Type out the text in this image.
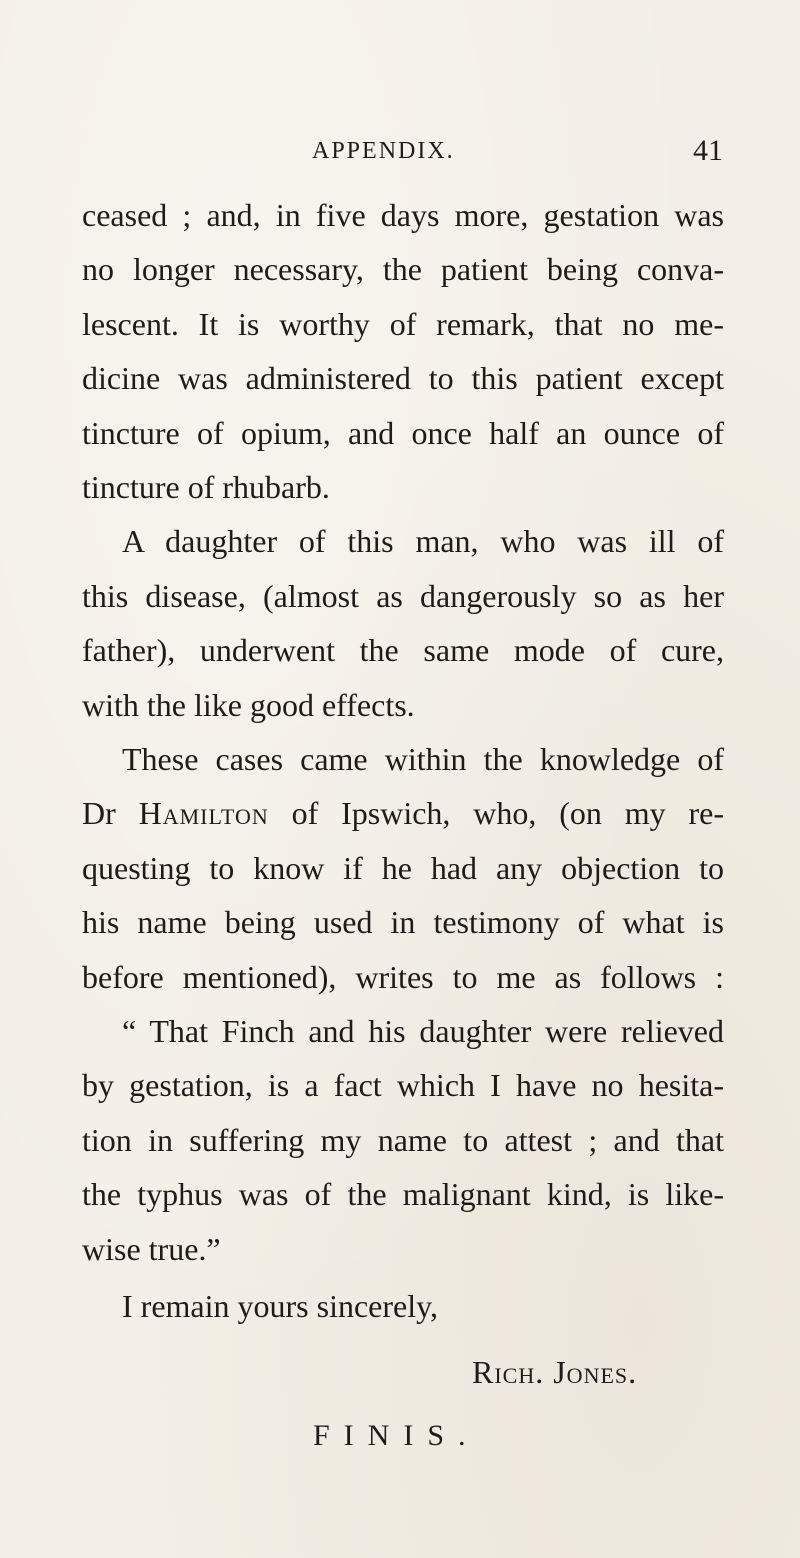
APPENDIX.	41
ceased ; and, in five days more, gestation was
no longer necessary, the patient being conva-
lescent. It is worthy of remark, that no me-
dicine was administered to this patient except
tincture of opium, and once half an ounce of
tincture of rhubarb.
A daughter of this man, who was ill of
this disease, (almost as dangerously so as her
father), underwent the same mode of cure,
with the like good effects.
These cases came within the knowledge of
Dr Hamilton of Ipswich, who, (on my re-
questing to know if he had any objection to
his name being used in testimony of what is
before mentioned), writes to me as follows :
“ That Finch and his daughter were relieved
by gestation, is a fact which I have no hesita-
tion in suffering my name to attest ; and that
the typhus was of the malignant kind, is like-
wise true.”
I remain yours sincerely,
Rich. Jones.
FINIS.
